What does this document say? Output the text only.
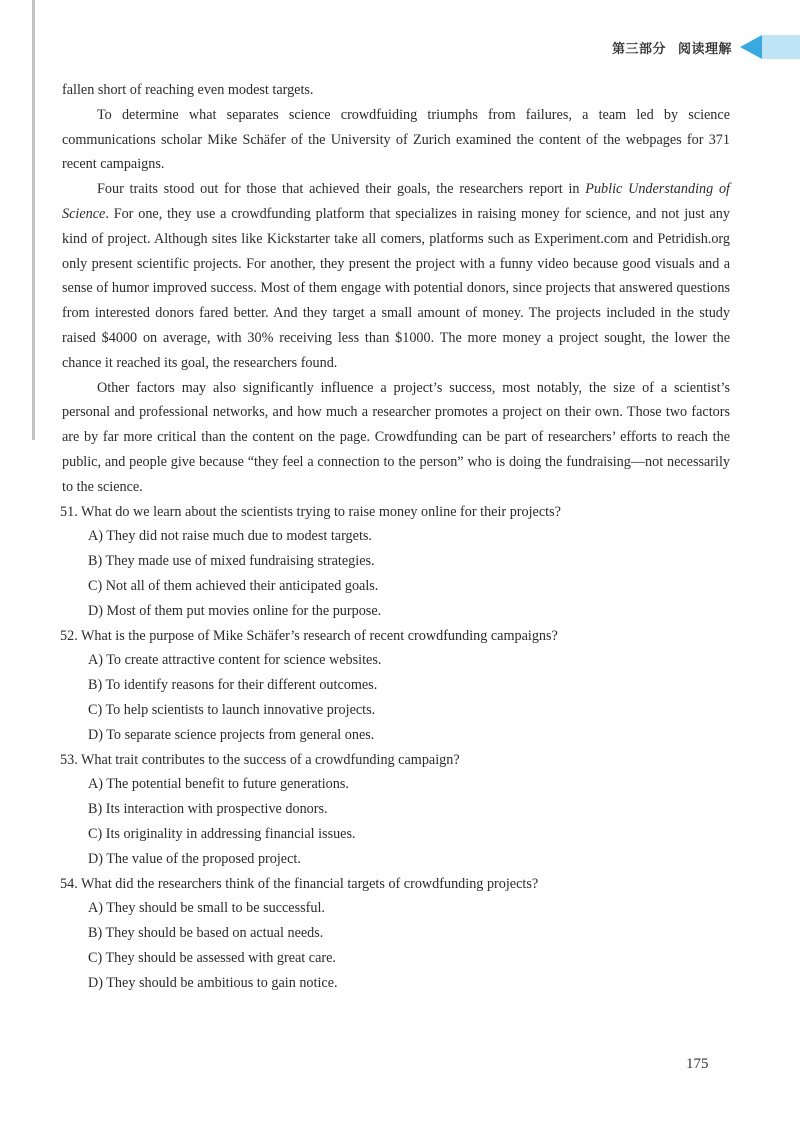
第三部分 阅读理解

fallen short of reaching even modest targets.

To determine what separates science crowdfuiding triumphs from failures, a team led by science communications scholar Mike Schäfer of the University of Zurich examined the content of the webpages for 371 recent campaigns.

Four traits stood out for those that achieved their goals, the researchers report in Public Understanding of Science. For one, they use a crowdfunding platform that specializes in raising money for science, and not just any kind of project. Although sites like Kickstarter take all comers, platforms such as Experiment.com and Petridish.org only present scientific projects. For another, they present the project with a funny video because good visuals and a sense of humor improved success. Most of them engage with potential donors, since projects that answered questions from interested donors fared better. And they target a small amount of money. The projects included in the study raised $4000 on average, with 30% receiving less than $1000. The more money a project sought, the lower the chance it reached its goal, the researchers found.

Other factors may also significantly influence a project’s success, most notably, the size of a scientist’s personal and professional networks, and how much a researcher promotes a project on their own. Those two factors are by far more critical than the content on the page. Crowdfunding can be part of researchers’ efforts to reach the public, and people give because “they feel a connection to the person” who is doing the fundraising—not necessarily to the science.

51. What do we learn about the scientists trying to raise money online for their projects?

A) They did not raise much due to modest targets.

B) They made use of mixed fundraising strategies.

C) Not all of them achieved their anticipated goals.

D) Most of them put movies online for the purpose.

52. What is the purpose of Mike Schäfer’s research of recent crowdfunding campaigns?

A) To create attractive content for science websites.

B) To identify reasons for their different outcomes.

C) To help scientists to launch innovative projects.

D) To separate science projects from general ones.

53. What trait contributes to the success of a crowdfunding campaign?

A) The potential benefit to future generations.

B) Its interaction with prospective donors.

C) Its originality in addressing financial issues.

D) The value of the proposed project.

54. What did the researchers think of the financial targets of crowdfunding projects?

A) They should be small to be successful.

B) They should be based on actual needs.

C) They should be assessed with great care.

D) They should be ambitious to gain notice.

175
